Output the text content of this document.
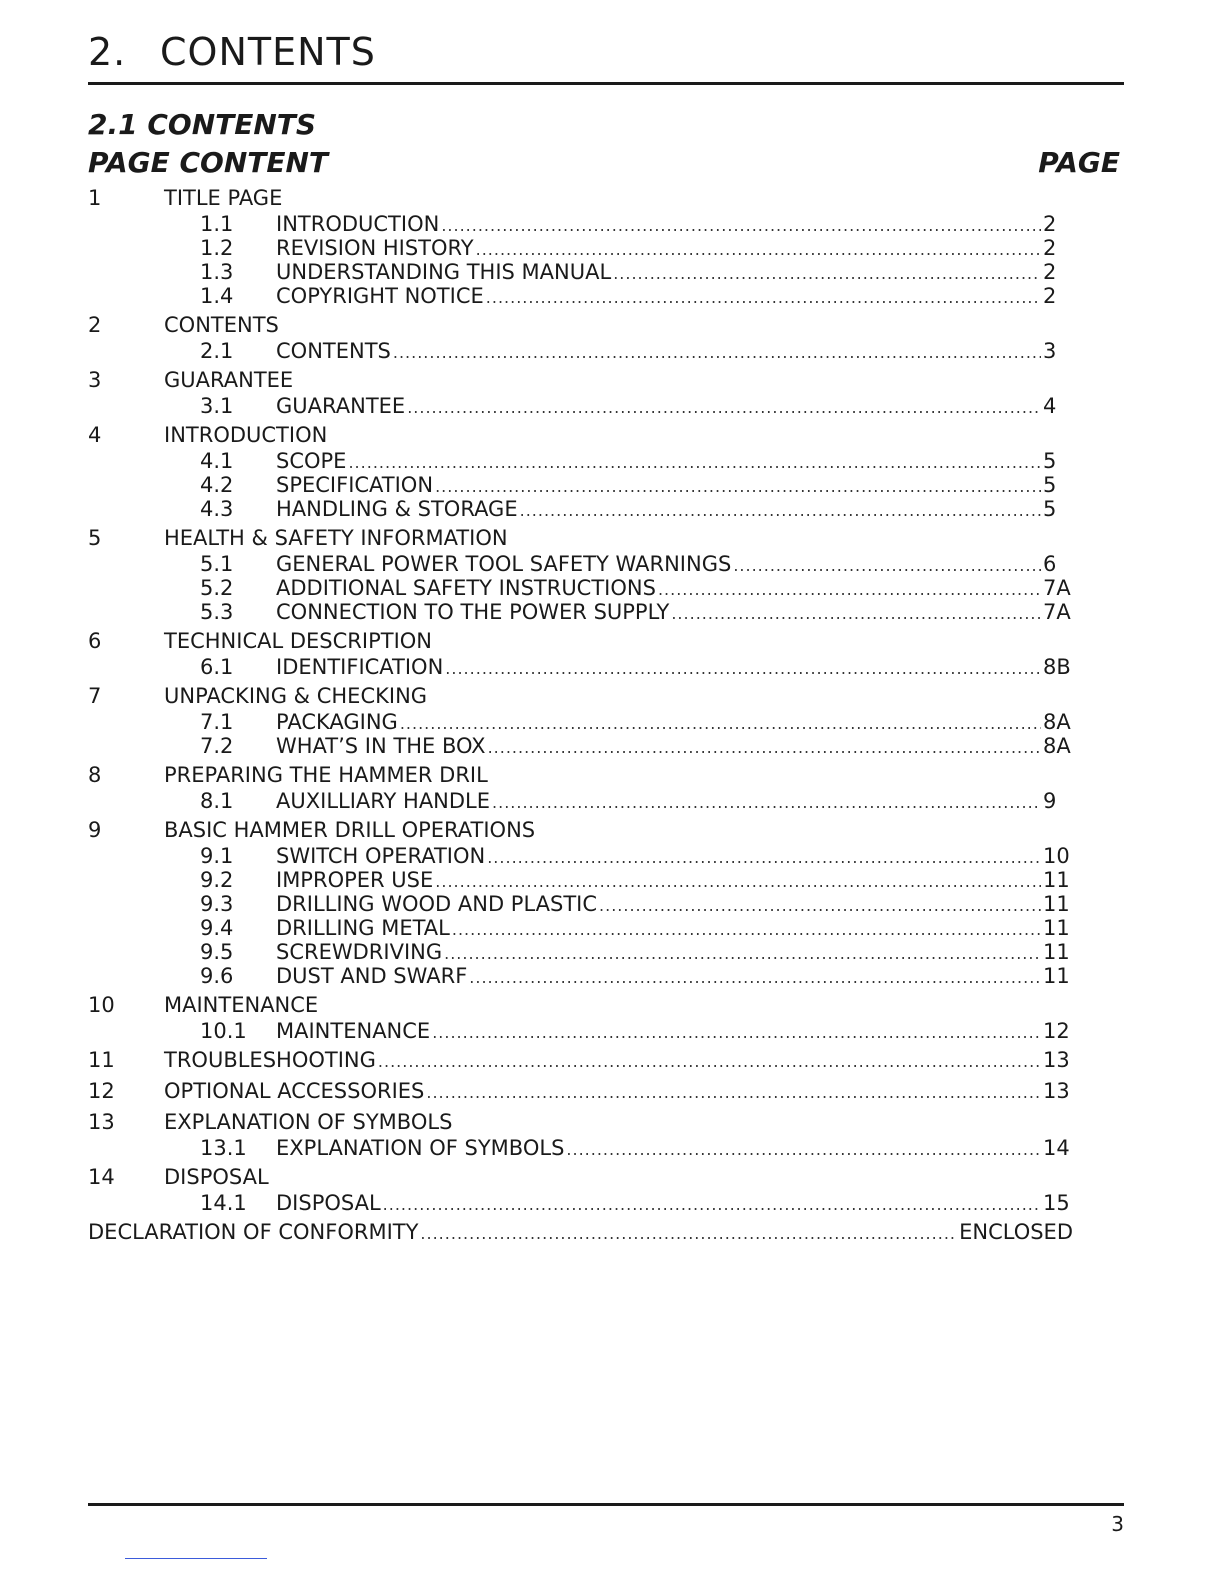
2. CONTENTS
2.1 CONTENTS
PAGE CONTENT	PAGE
1	TITLE PAGE
1.1	INTRODUCTION .....	2
1.2	REVISION HISTORY .....	2
1.3	UNDERSTANDING THIS MANUAL .....	2
1.4	COPYRIGHT NOTICE .....	2
2	CONTENTS
2.1	CONTENTS .....	3
3	GUARANTEE
3.1	GUARANTEE .....	4
4	INTRODUCTION
4.1	SCOPE .....	5
4.2	SPECIFICATION .....	5
4.3	HANDLING & STORAGE .....	5
5	HEALTH & SAFETY INFORMATION
5.1	GENERAL POWER TOOL SAFETY WARNINGS .....	6
5.2	ADDITIONAL SAFETY INSTRUCTIONS .....	7A
5.3	CONNECTION TO THE POWER SUPPLY .....	7A
6	TECHNICAL DESCRIPTION
6.1	IDENTIFICATION .....	8B
7	UNPACKING & CHECKING
7.1	PACKAGING .....	8A
7.2	WHAT’S IN THE BOX .....	8A
8	PREPARING THE HAMMER DRIL
8.1	AUXILLIARY HANDLE .....	9
9	BASIC HAMMER DRILL OPERATIONS
9.1	SWITCH OPERATION .....	10
9.2	IMPROPER USE .....	11
9.3	DRILLING WOOD AND PLASTIC .....	11
9.4	DRILLING METAL .....	11
9.5	SCREWDRIVING .....	11
9.6	DUST AND SWARF .....	11
10	MAINTENANCE
10.1	MAINTENANCE .....	12
11	TROUBLESHOOTING .....	13
12	OPTIONAL ACCESSORIES .....	13
13	EXPLANATION OF SYMBOLS
13.1	EXPLANATION OF SYMBOLS .....	14
14	DISPOSAL
14.1	DISPOSAL .....	15
DECLARATION OF CONFORMITY .....	ENCLOSED
3
